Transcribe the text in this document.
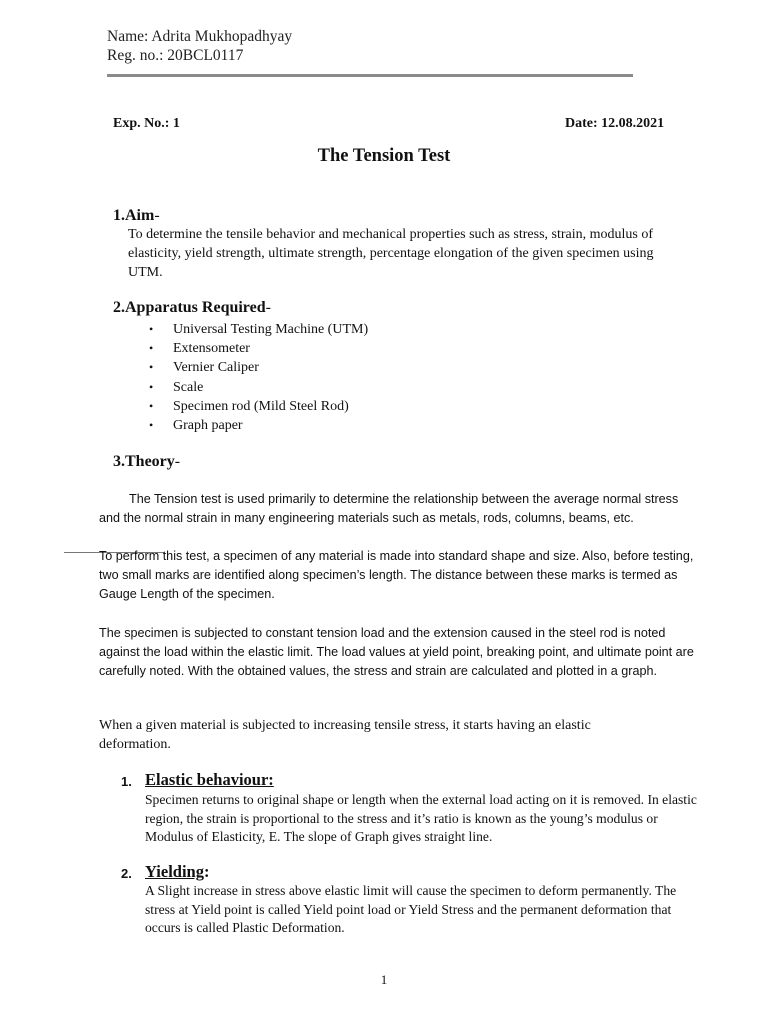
Name: Adrita Mukhopadhyay
Reg. no.: 20BCL0117
Exp. No.: 1	Date: 12.08.2021
The Tension Test
1.Aim-
To determine the tensile behavior and mechanical properties such as stress, strain, modulus of elasticity, yield strength, ultimate strength, percentage elongation of the given specimen using UTM.
2.Apparatus Required-
• Universal Testing Machine (UTM)
• Extensometer
• Vernier Caliper
• Scale
• Specimen rod (Mild Steel Rod)
• Graph paper
3.Theory-
The Tension test is used primarily to determine the relationship between the average normal stress and the normal strain in many engineering materials such as metals, rods, columns, beams, etc.
To perform this test, a specimen of any material is made into standard shape and size. Also, before testing, two small marks are identified along specimen’s length. The distance between these marks is termed as Gauge Length of the specimen.
The specimen is subjected to constant tension load and the extension caused in the steel rod is noted against the load within the elastic limit. The load values at yield point, breaking point, and ultimate point are carefully noted. With the obtained values, the stress and strain are calculated and plotted in a graph.
When a given material is subjected to increasing tensile stress, it starts having an elastic deformation.
1. Elastic behaviour:
Specimen returns to original shape or length when the external load acting on it is removed. In elastic region, the strain is proportional to the stress and it’s ratio is known as the young’s modulus or Modulus of Elasticity, E. The slope of Graph gives straight line.
2. Yielding:
A Slight increase in stress above elastic limit will cause the specimen to deform permanently. The stress at Yield point is called Yield point load or Yield Stress and the permanent deformation that occurs is called Plastic Deformation.
1
